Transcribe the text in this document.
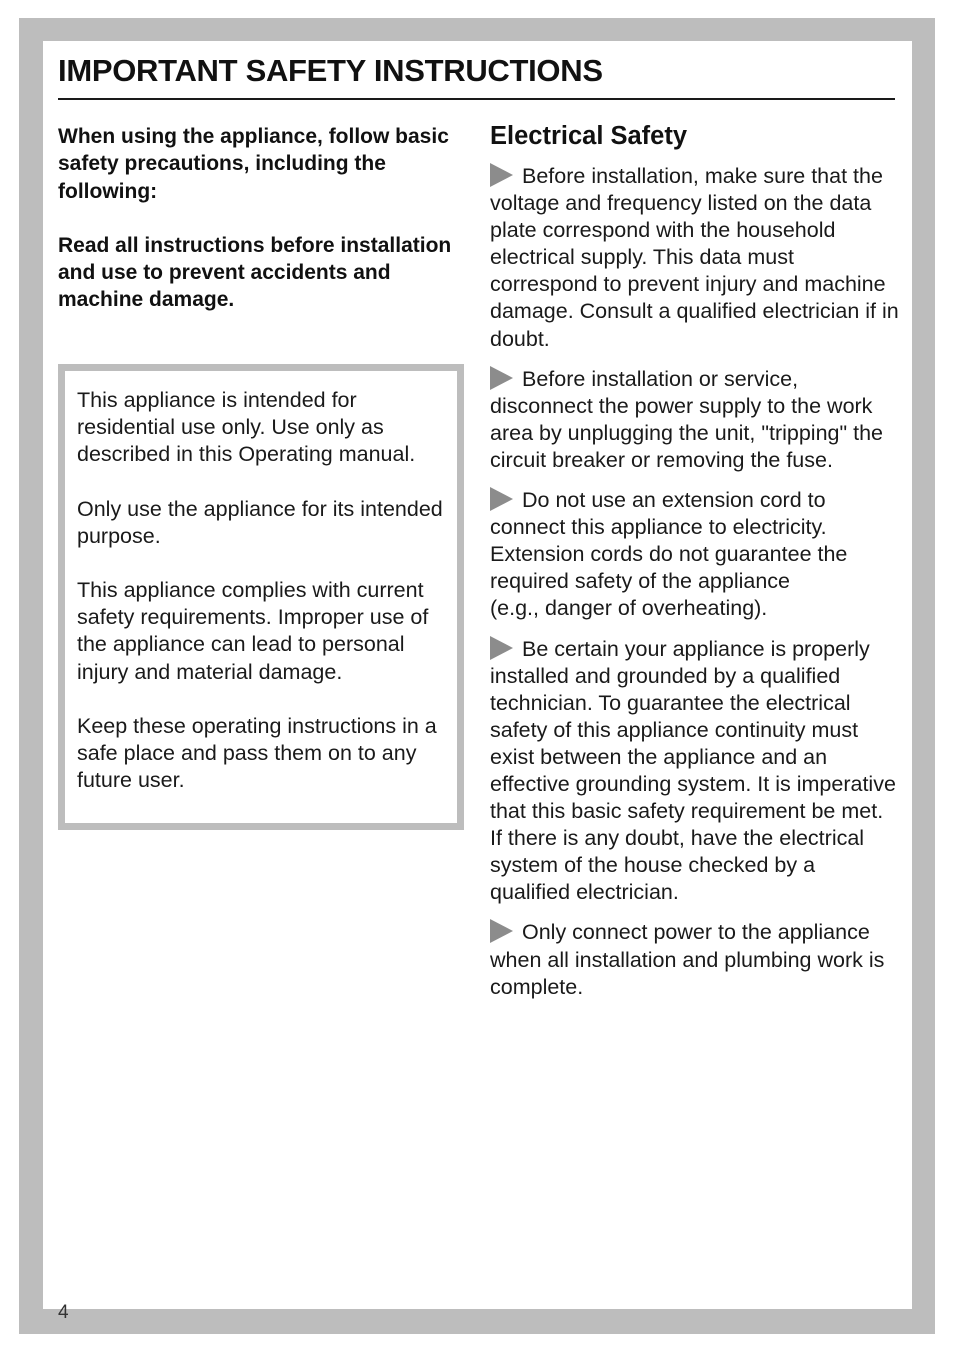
IMPORTANT SAFETY INSTRUCTIONS

When using the appliance, follow basic safety precautions, including the following:

Read all instructions before installation and use to prevent accidents and machine damage.

This appliance is intended for residential use only. Use only as described in this Operating manual.

Only use the appliance for its intended purpose.

This appliance complies with current safety requirements. Improper use of the appliance can lead to personal injury and material damage.

Keep these operating instructions in a safe place and pass them on to any future user.

Electrical Safety

Before installation, make sure that the voltage and frequency listed on the data plate correspond with the household electrical supply. This data must correspond to prevent injury and machine damage. Consult a qualified electrician if in doubt.

Before installation or service, disconnect the power supply to the work area by unplugging the unit, "tripping" the circuit breaker or removing the fuse.

Do not use an extension cord to connect this appliance to electricity. Extension cords do not guarantee the required safety of the appliance
(e.g., danger of overheating).

Be certain your appliance is properly installed and grounded by a qualified technician. To guarantee the electrical safety of this appliance continuity must exist between the appliance and an effective grounding system. It is imperative that this basic safety requirement be met. If there is any doubt, have the electrical system of the house checked by a qualified electrician.

Only connect power to the appliance when all installation and plumbing work is complete.

4
